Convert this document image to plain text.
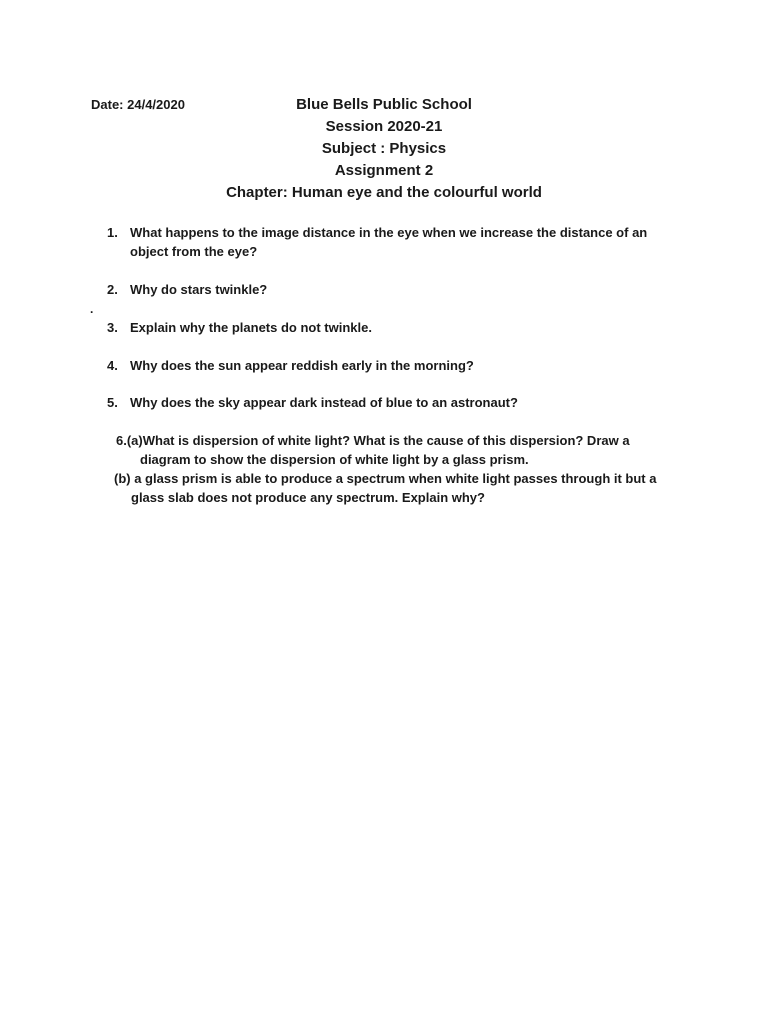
Date: 24/4/2020	Blue Bells Public School
Session 2020-21
Subject : Physics
Assignment 2
Chapter: Human eye and the colourful world
.
1. What happens to the image distance in the eye when we increase the distance of an
object from the eye?
2. Why do stars twinkle?
3. Explain why the planets do not twinkle.
4. Why does the sun appear reddish early in the morning?
5. Why does the sky appear dark instead of blue to an astronaut?
6.(a)What is dispersion of white light? What is the cause of this dispersion? Draw a
diagram to show the dispersion of white light by a glass prism.
(b) a glass prism is able to produce a spectrum when white light passes through it but a
glass slab does not produce any spectrum. Explain why?
